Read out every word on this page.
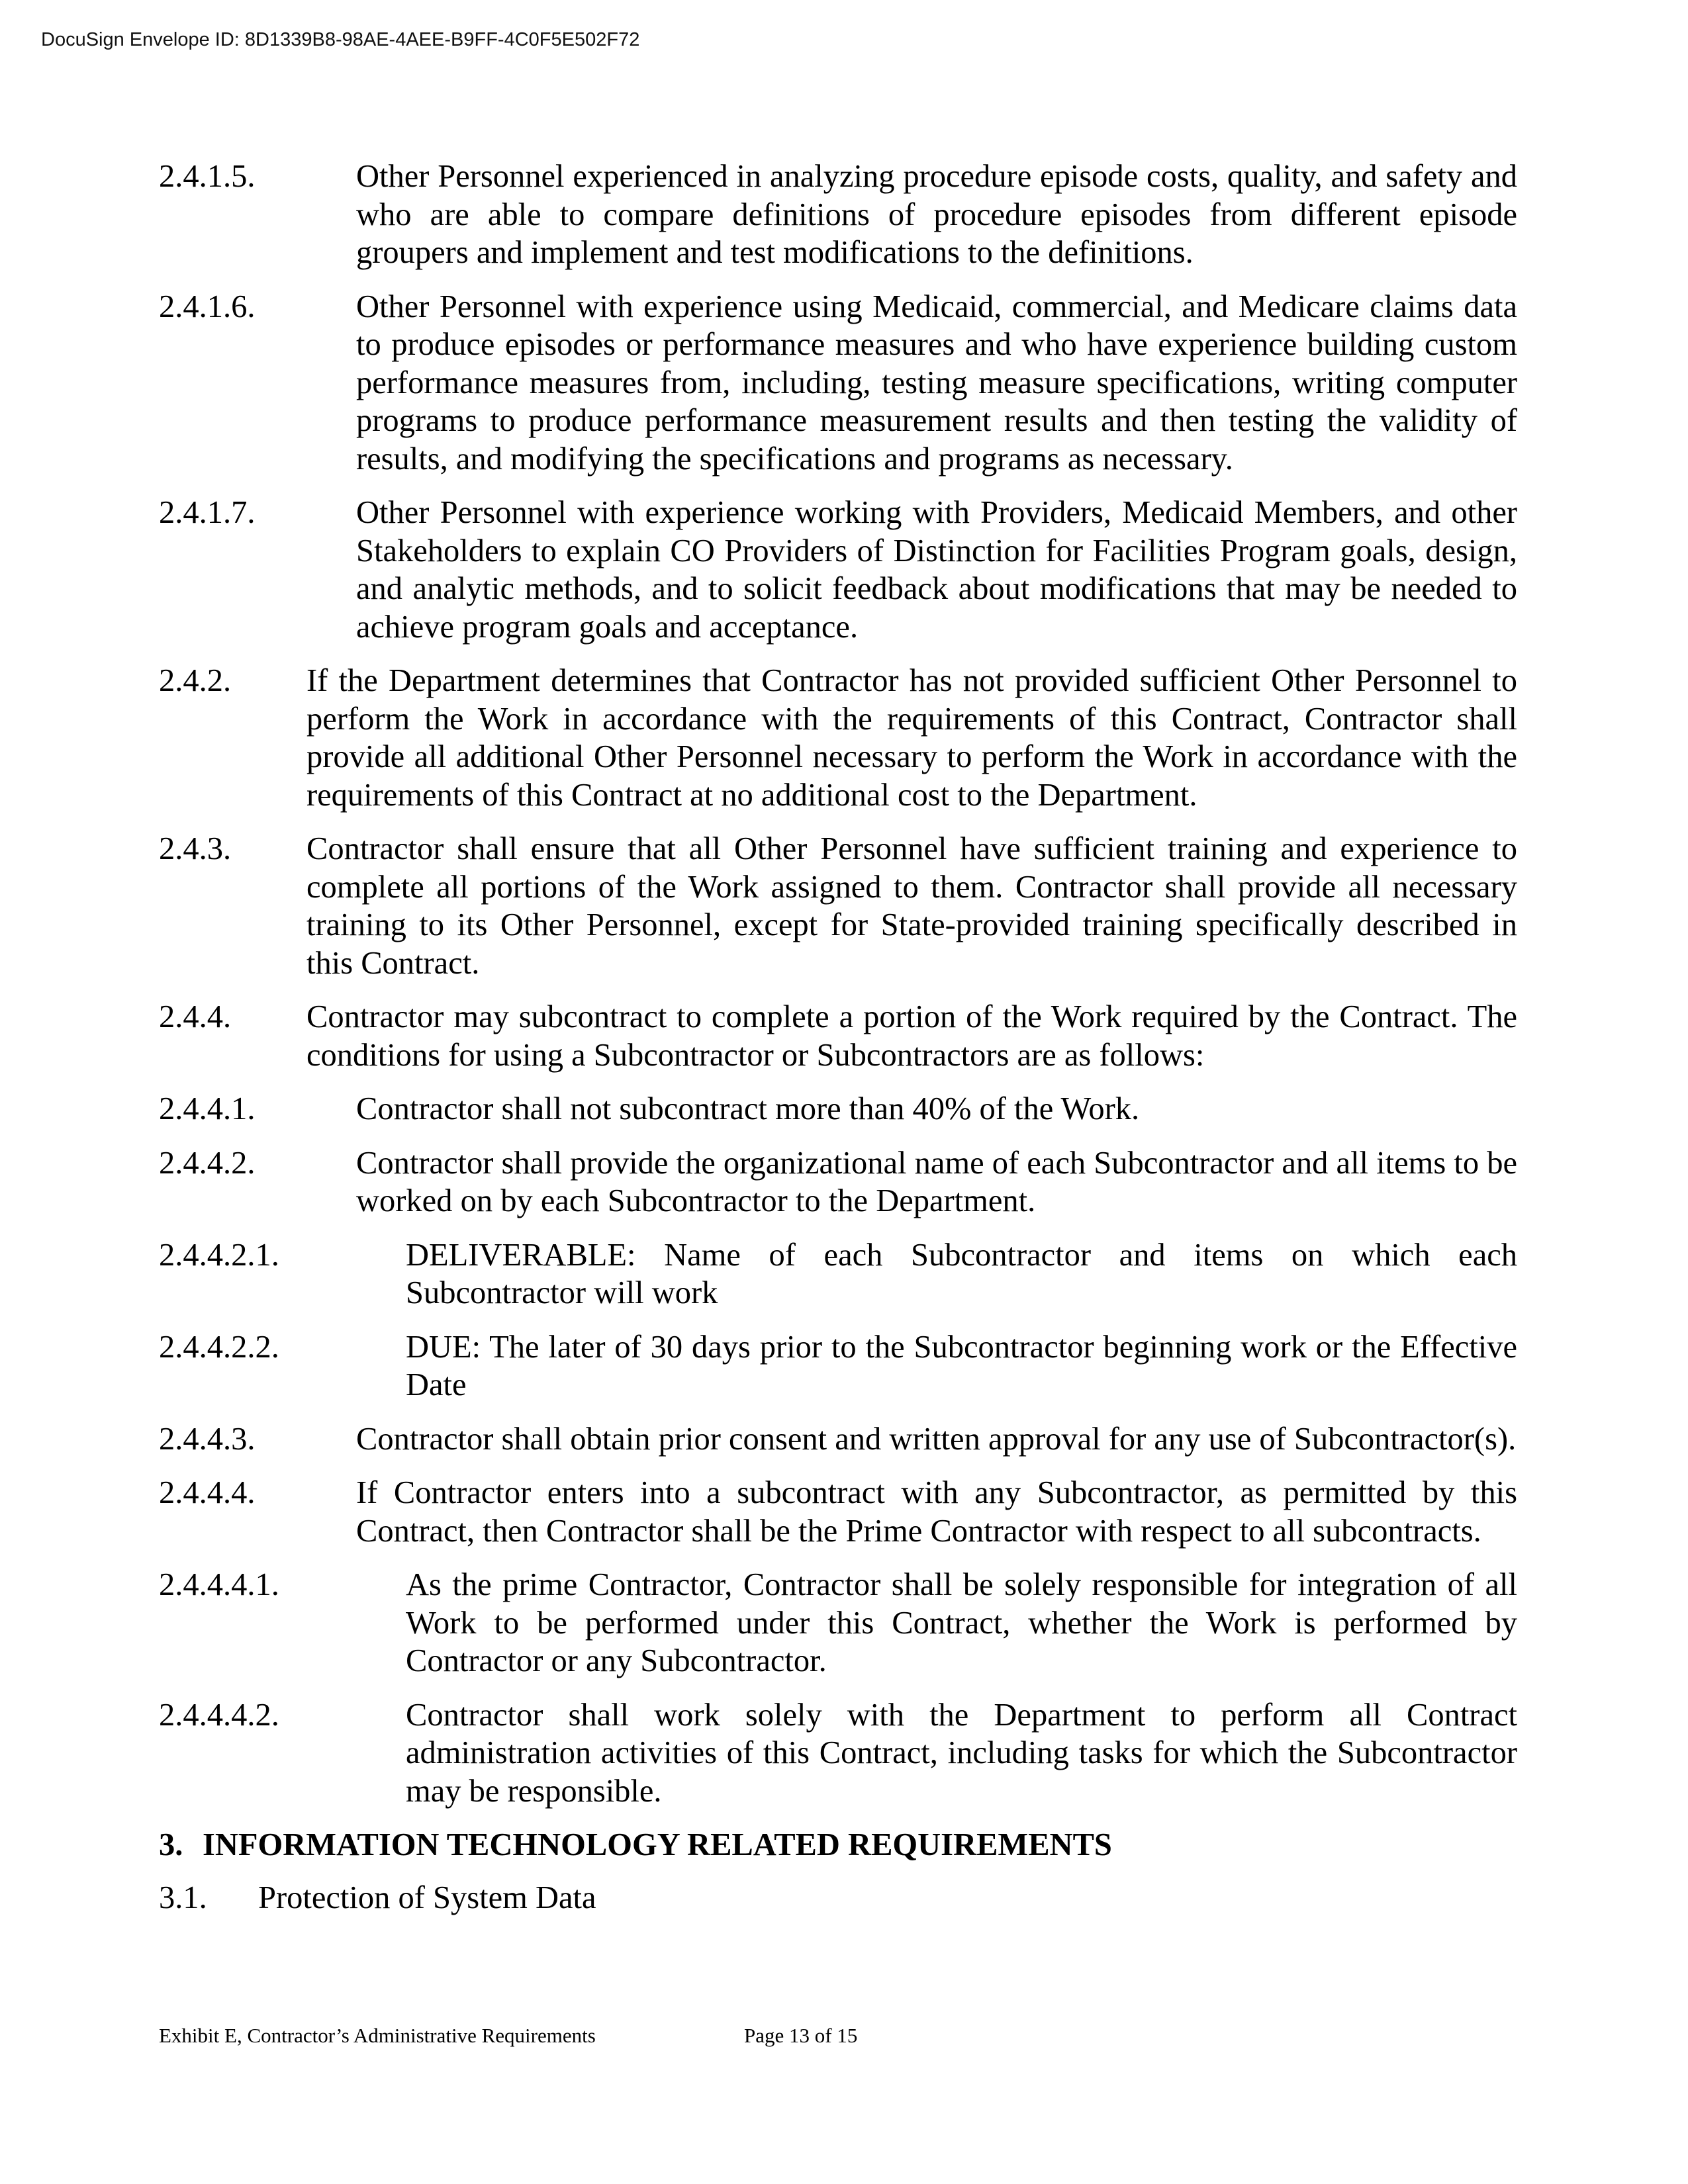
DocuSign Envelope ID: 8D1339B8-98AE-4AEE-B9FF-4C0F5E502F72
2.4.1.5.	Other Personnel experienced in analyzing procedure episode costs, quality, and safety and who are able to compare definitions of procedure episodes from different episode groupers and implement and test modifications to the definitions.
2.4.1.6.	Other Personnel with experience using Medicaid, commercial, and Medicare claims data to produce episodes or performance measures and who have experience building custom performance measures from, including, testing measure specifications, writing computer programs to produce performance measurement results and then testing the validity of results, and modifying the specifications and programs as necessary.
2.4.1.7.	Other Personnel with experience working with Providers, Medicaid Members, and other Stakeholders to explain CO Providers of Distinction for Facilities Program goals, design, and analytic methods, and to solicit feedback about modifications that may be needed to achieve program goals and acceptance.
2.4.2. If the Department determines that Contractor has not provided sufficient Other Personnel to perform the Work in accordance with the requirements of this Contract, Contractor shall provide all additional Other Personnel necessary to perform the Work in accordance with the requirements of this Contract at no additional cost to the Department.
2.4.3. Contractor shall ensure that all Other Personnel have sufficient training and experience to complete all portions of the Work assigned to them. Contractor shall provide all necessary training to its Other Personnel, except for State-provided training specifically described in this Contract.
2.4.4. Contractor may subcontract to complete a portion of the Work required by the Contract. The conditions for using a Subcontractor or Subcontractors are as follows:
2.4.4.1.	Contractor shall not subcontract more than 40% of the Work.
2.4.4.2.	Contractor shall provide the organizational name of each Subcontractor and all items to be worked on by each Subcontractor to the Department.
2.4.4.2.1.	DELIVERABLE: Name of each Subcontractor and items on which each Subcontractor will work
2.4.4.2.2.	DUE: The later of 30 days prior to the Subcontractor beginning work or the Effective Date
2.4.4.3.	Contractor shall obtain prior consent and written approval for any use of Subcontractor(s).
2.4.4.4.	If Contractor enters into a subcontract with any Subcontractor, as permitted by this Contract, then Contractor shall be the Prime Contractor with respect to all subcontracts.
2.4.4.4.1.	As the prime Contractor, Contractor shall be solely responsible for integration of all Work to be performed under this Contract, whether the Work is performed by Contractor or any Subcontractor.
2.4.4.4.2.	Contractor shall work solely with the Department to perform all Contract administration activities of this Contract, including tasks for which the Subcontractor may be responsible.
3. INFORMATION TECHNOLOGY RELATED REQUIREMENTS
3.1. Protection of System Data
Exhibit E, Contractor’s Administrative Requirements	Page 13 of 15
